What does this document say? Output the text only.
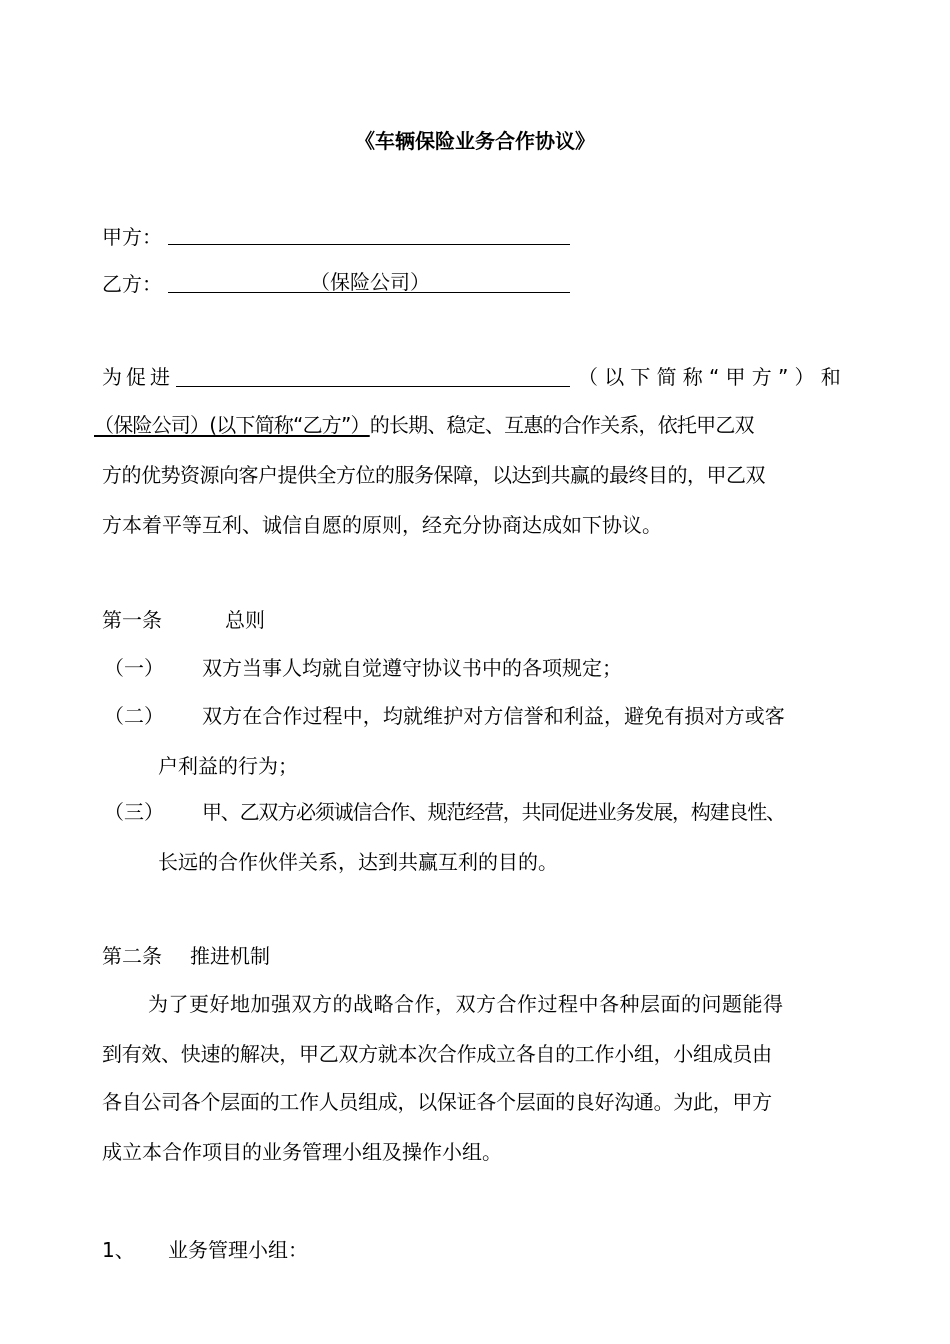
《车辆保险业务合作协议》
甲方：
乙方：	（保险公司）
为促进	（以下简称“甲方”）和
（保险公司）(以下简称“乙方”）的长期、稳定、互惠的合作关系，依托甲乙双
方的优势资源向客户提供全方位的服务保障，以达到共赢的最终目的，甲乙双
方本着平等互利、诚信自愿的原则，经充分协商达成如下协议。
第一条	总则
（一） 双方当事人均就自觉遵守协议书中的各项规定；
（二） 双方在合作过程中，均就维护对方信誉和利益，避免有损对方或客
户利益的行为；
（三） 甲、乙双方必须诚信合作、规范经营，共同促进业务发展，构建良性、
长远的合作伙伴关系，达到共赢互利的目的。
第二条 推进机制
为了更好地加强双方的战略合作，双方合作过程中各种层面的问题能得
到有效、快速的解决，甲乙双方就本次合作成立各自的工作小组，小组成员由
各自公司各个层面的工作人员组成，以保证各个层面的良好沟通。为此，甲方
成立本合作项目的业务管理小组及操作小组。
1、 业务管理小组：
